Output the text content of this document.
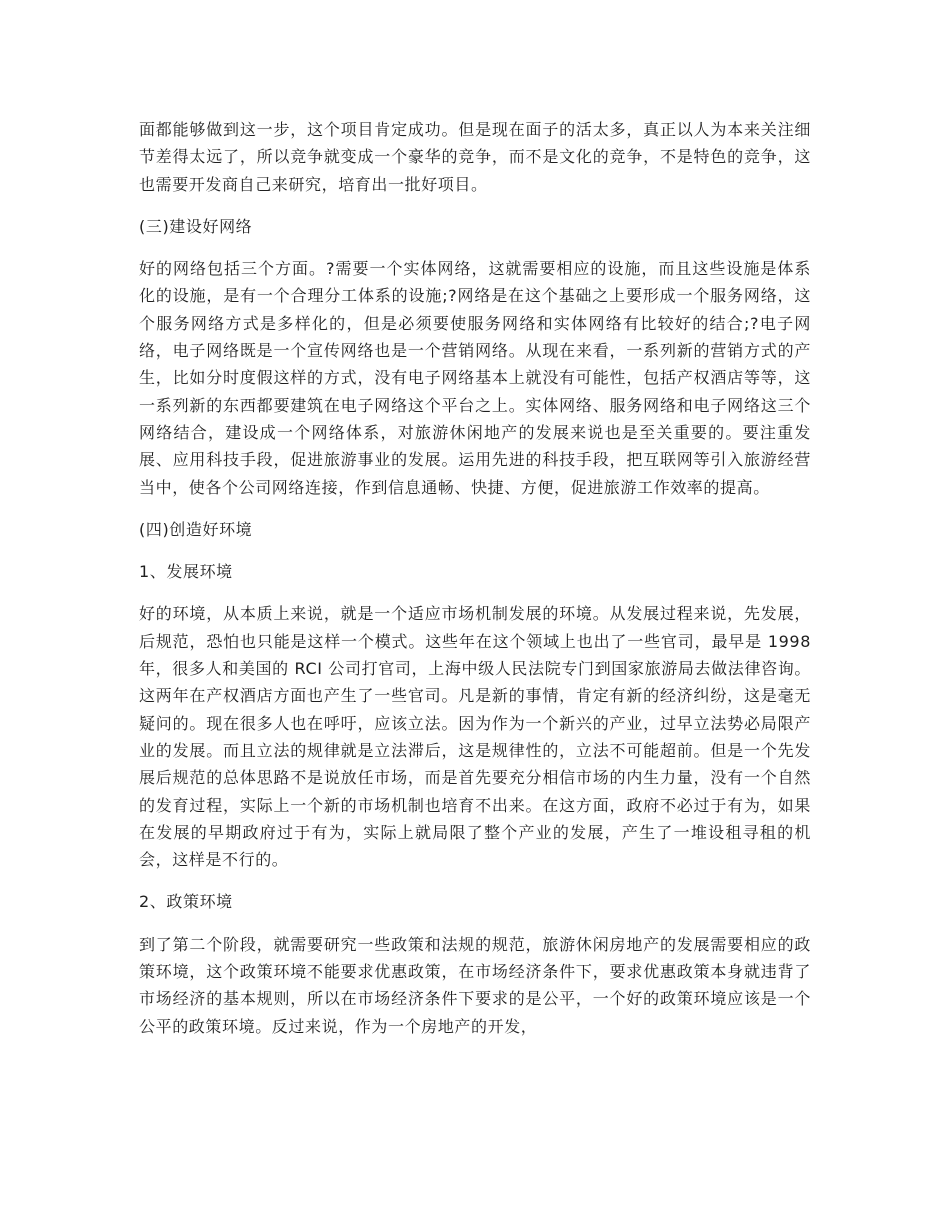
面都能够做到这一步，这个项目肯定成功。但是现在面子的活太多，真正以人为本来关注细节差得太远了，所以竞争就变成一个豪华的竞争，而不是文化的竞争，不是特色的竞争，这也需要开发商自己来研究，培育出一批好项目。

(三)建设好网络

好的网络包括三个方面。?需要一个实体网络，这就需要相应的设施，而且这些设施是体系化的设施，是有一个合理分工体系的设施;?网络是在这个基础之上要形成一个服务网络，这个服务网络方式是多样化的，但是必须要使服务网络和实体网络有比较好的结合;?电子网络，电子网络既是一个宣传网络也是一个营销网络。从现在来看，一系列新的营销方式的产生，比如分时度假这样的方式，没有电子网络基本上就没有可能性，包括产权酒店等等，这一系列新的东西都要建筑在电子网络这个平台之上。实体网络、服务网络和电子网络这三个网络结合，建设成一个网络体系，对旅游休闲地产的发展来说也是至关重要的。要注重发展、应用科技手段，促进旅游事业的发展。运用先进的科技手段，把互联网等引入旅游经营当中，使各个公司网络连接，作到信息通畅、快捷、方便，促进旅游工作效率的提高。

(四)创造好环境

1、发展环境

好的环境，从本质上来说，就是一个适应市场机制发展的环境。从发展过程来说，先发展，后规范，恐怕也只能是这样一个模式。这些年在这个领域上也出了一些官司，最早是 1998 年，很多人和美国的 RCI 公司打官司，上海中级人民法院专门到国家旅游局去做法律咨询。这两年在产权酒店方面也产生了一些官司。凡是新的事情，肯定有新的经济纠纷，这是毫无疑问的。现在很多人也在呼吁，应该立法。因为作为一个新兴的产业，过早立法势必局限产业的发展。而且立法的规律就是立法滞后，这是规律性的，立法不可能超前。但是一个先发展后规范的总体思路不是说放任市场，而是首先要充分相信市场的内生力量，没有一个自然的发育过程，实际上一个新的市场机制也培育不出来。在这方面，政府不必过于有为，如果在发展的早期政府过于有为，实际上就局限了整个产业的发展，产生了一堆设租寻租的机会，这样是不行的。

2、政策环境

到了第二个阶段，就需要研究一些政策和法规的规范，旅游休闲房地产的发展需要相应的政策环境，这个政策环境不能要求优惠政策，在市场经济条件下，要求优惠政策本身就违背了市场经济的基本规则，所以在市场经济条件下要求的是公平，一个好的政策环境应该是一个公平的政策环境。反过来说，作为一个房地产的开发，
